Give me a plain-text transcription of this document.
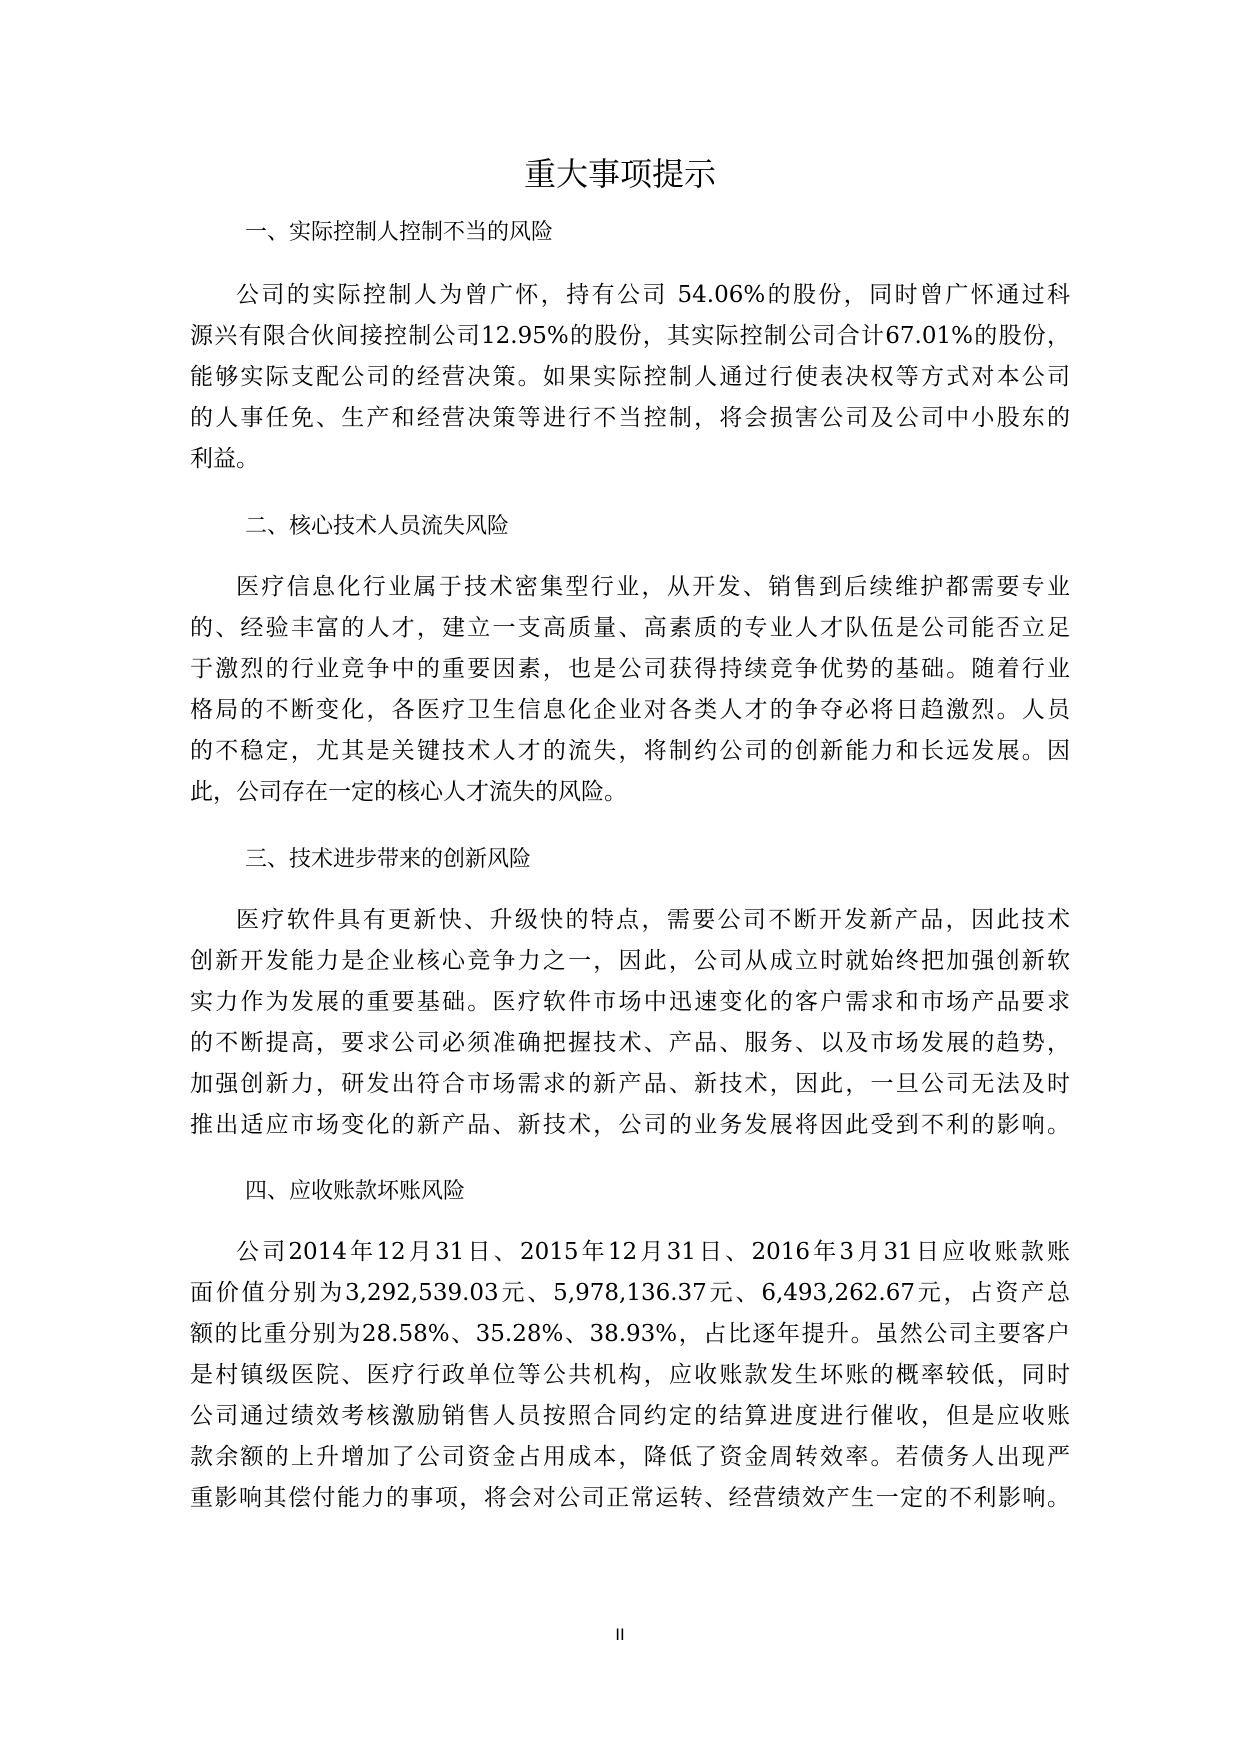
重大事项提示
一、实际控制人控制不当的风险
公司的实际控制人为曾广怀，持有公司 54.06%的股份，同时曾广怀通过科
源兴有限合伙间接控制公司12.95%的股份，其实际控制公司合计67.01%的股份，
能够实际支配公司的经营决策。如果实际控制人通过行使表决权等方式对本公司
的人事任免、生产和经营决策等进行不当控制，将会损害公司及公司中小股东的
利益。
二、核心技术人员流失风险
医疗信息化行业属于技术密集型行业，从开发、销售到后续维护都需要专业
的、经验丰富的人才，建立一支高质量、高素质的专业人才队伍是公司能否立足
于激烈的行业竞争中的重要因素，也是公司获得持续竞争优势的基础。随着行业
格局的不断变化，各医疗卫生信息化企业对各类人才的争夺必将日趋激烈。人员
的不稳定，尤其是关键技术人才的流失，将制约公司的创新能力和长远发展。因
此，公司存在一定的核心人才流失的风险。
三、技术进步带来的创新风险
医疗软件具有更新快、升级快的特点，需要公司不断开发新产品，因此技术
创新开发能力是企业核心竞争力之一，因此，公司从成立时就始终把加强创新软
实力作为发展的重要基础。医疗软件市场中迅速变化的客户需求和市场产品要求
的不断提高，要求公司必须准确把握技术、产品、服务、以及市场发展的趋势，
加强创新力，研发出符合市场需求的新产品、新技术，因此，一旦公司无法及时
推出适应市场变化的新产品、新技术，公司的业务发展将因此受到不利的影响。
四、应收账款坏账风险
公司2014年12月31日、2015年12月31日、2016年3月31日应收账款账
面价值分别为3,292,539.03元、5,978,136.37元、6,493,262.67元，占资产总
额的比重分别为28.58%、35.28%、38.93%，占比逐年提升。虽然公司主要客户
是村镇级医院、医疗行政单位等公共机构，应收账款发生坏账的概率较低，同时
公司通过绩效考核激励销售人员按照合同约定的结算进度进行催收，但是应收账
款余额的上升增加了公司资金占用成本，降低了资金周转效率。若债务人出现严
重影响其偿付能力的事项，将会对公司正常运转、经营绩效产生一定的不利影响。
II
